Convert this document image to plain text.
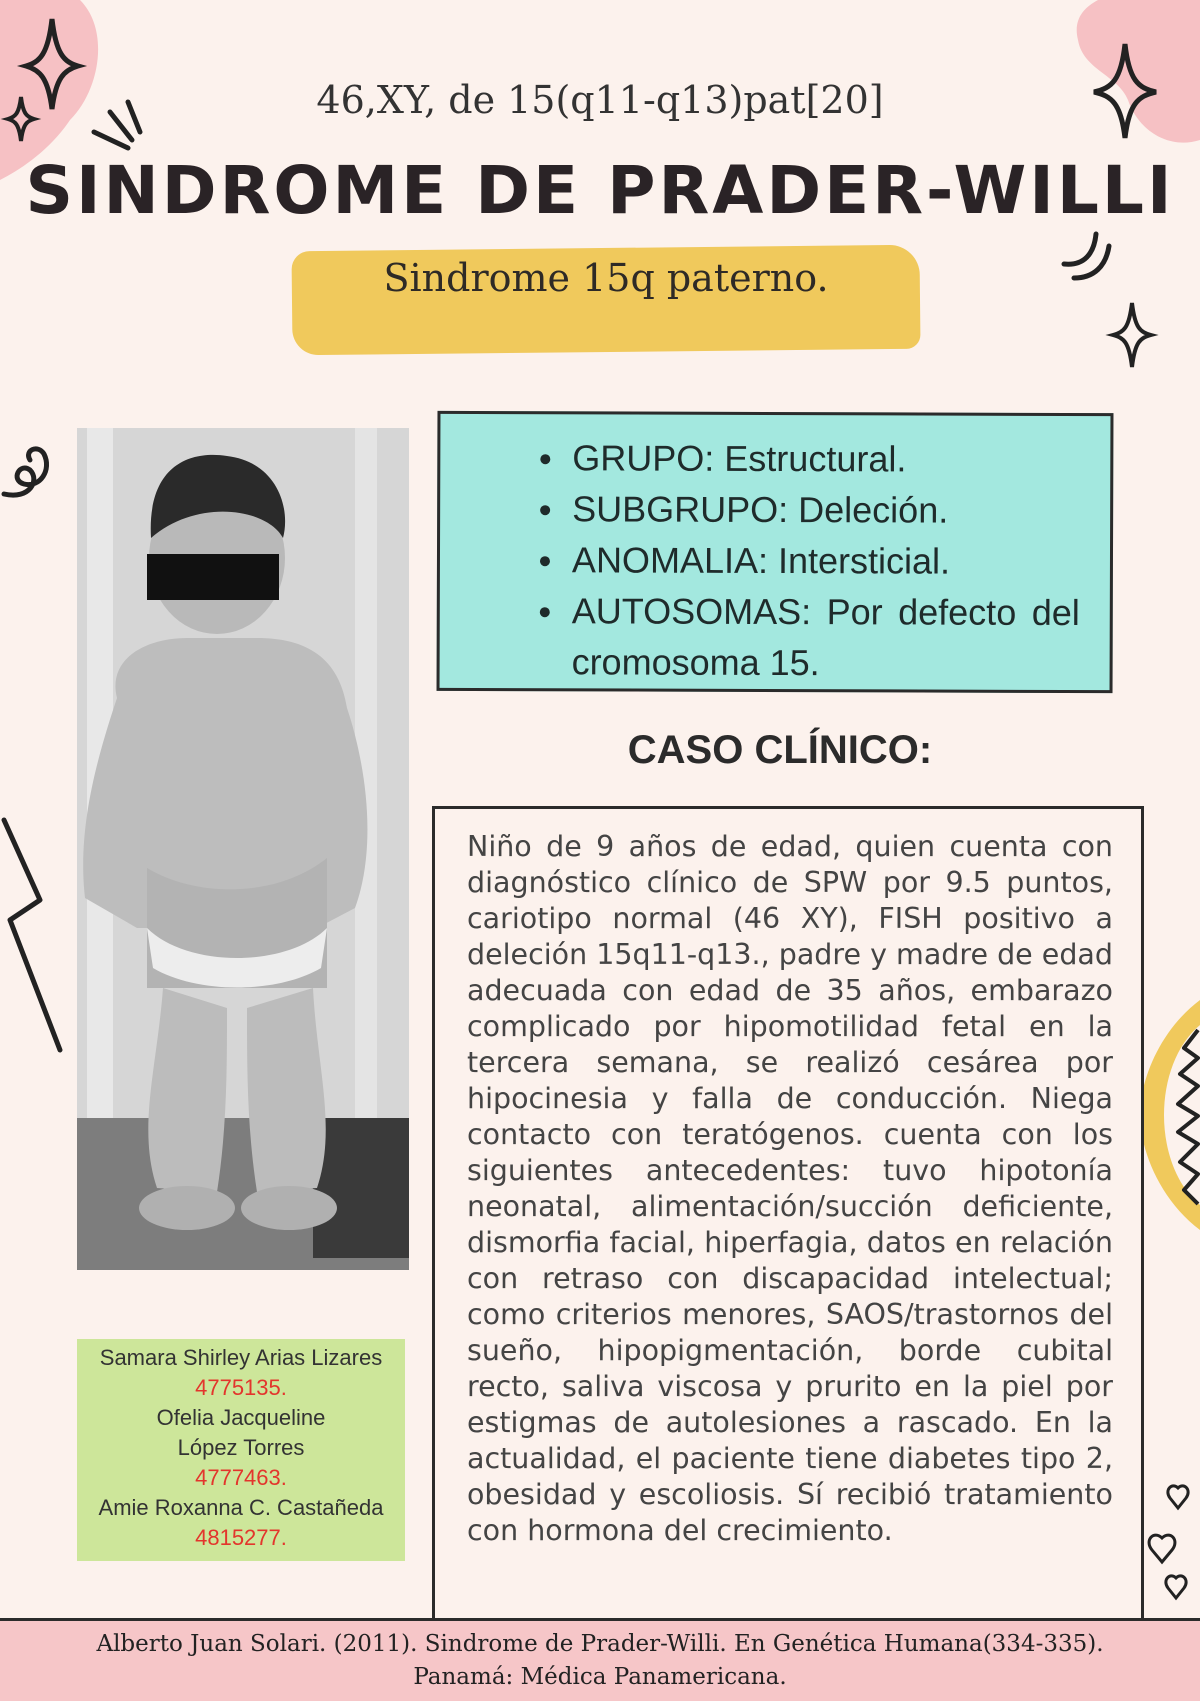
46,XY, de 15(q11-q13)pat[20]
SINDROME DE PRADER-WILLI
Sindrome 15q paterno.
GRUPO: Estructural.
SUBGRUPO: Deleción.
ANOMALIA: Intersticial.
AUTOSOMAS: Por defecto del cromosoma 15.
CASO CLÍNICO:

Niño de 9 años de edad, quien cuenta con diagnóstico clínico de SPW por 9.5 puntos, cariotipo normal (46 XY), FISH positivo a deleción 15q11-q13., padre y madre de edad adecuada con edad de 35 años, embarazo complicado por hipomotilidad fetal en la tercera semana, se realizó cesárea por hipocinesia y falla de conducción. Niega contacto con teratógenos. cuenta con los siguientes antecedentes: tuvo hipotonía neonatal, alimentación/succión deficiente, dismorfia facial, hiperfagia, datos en relación con retraso con discapacidad intelectual; como criterios menores, SAOS/trastornos del sueño, hipopigmentación, borde cubital recto, saliva viscosa y prurito en la piel por estigmas de autolesiones a rascado. En la actualidad, el paciente tiene diabetes tipo 2, obesidad y escoliosis. Sí recibió tratamiento con hormona del crecimiento.

Samara Shirley Arias Lizares
4775135.
Ofelia Jacqueline López Torres
4777463.
Amie Roxanna C. Castañeda
4815277.
Alberto Juan Solari. (2011). Sindrome de Prader-Willi. En Genética Humana(334-335).
Panamá: Médica Panamericana.
